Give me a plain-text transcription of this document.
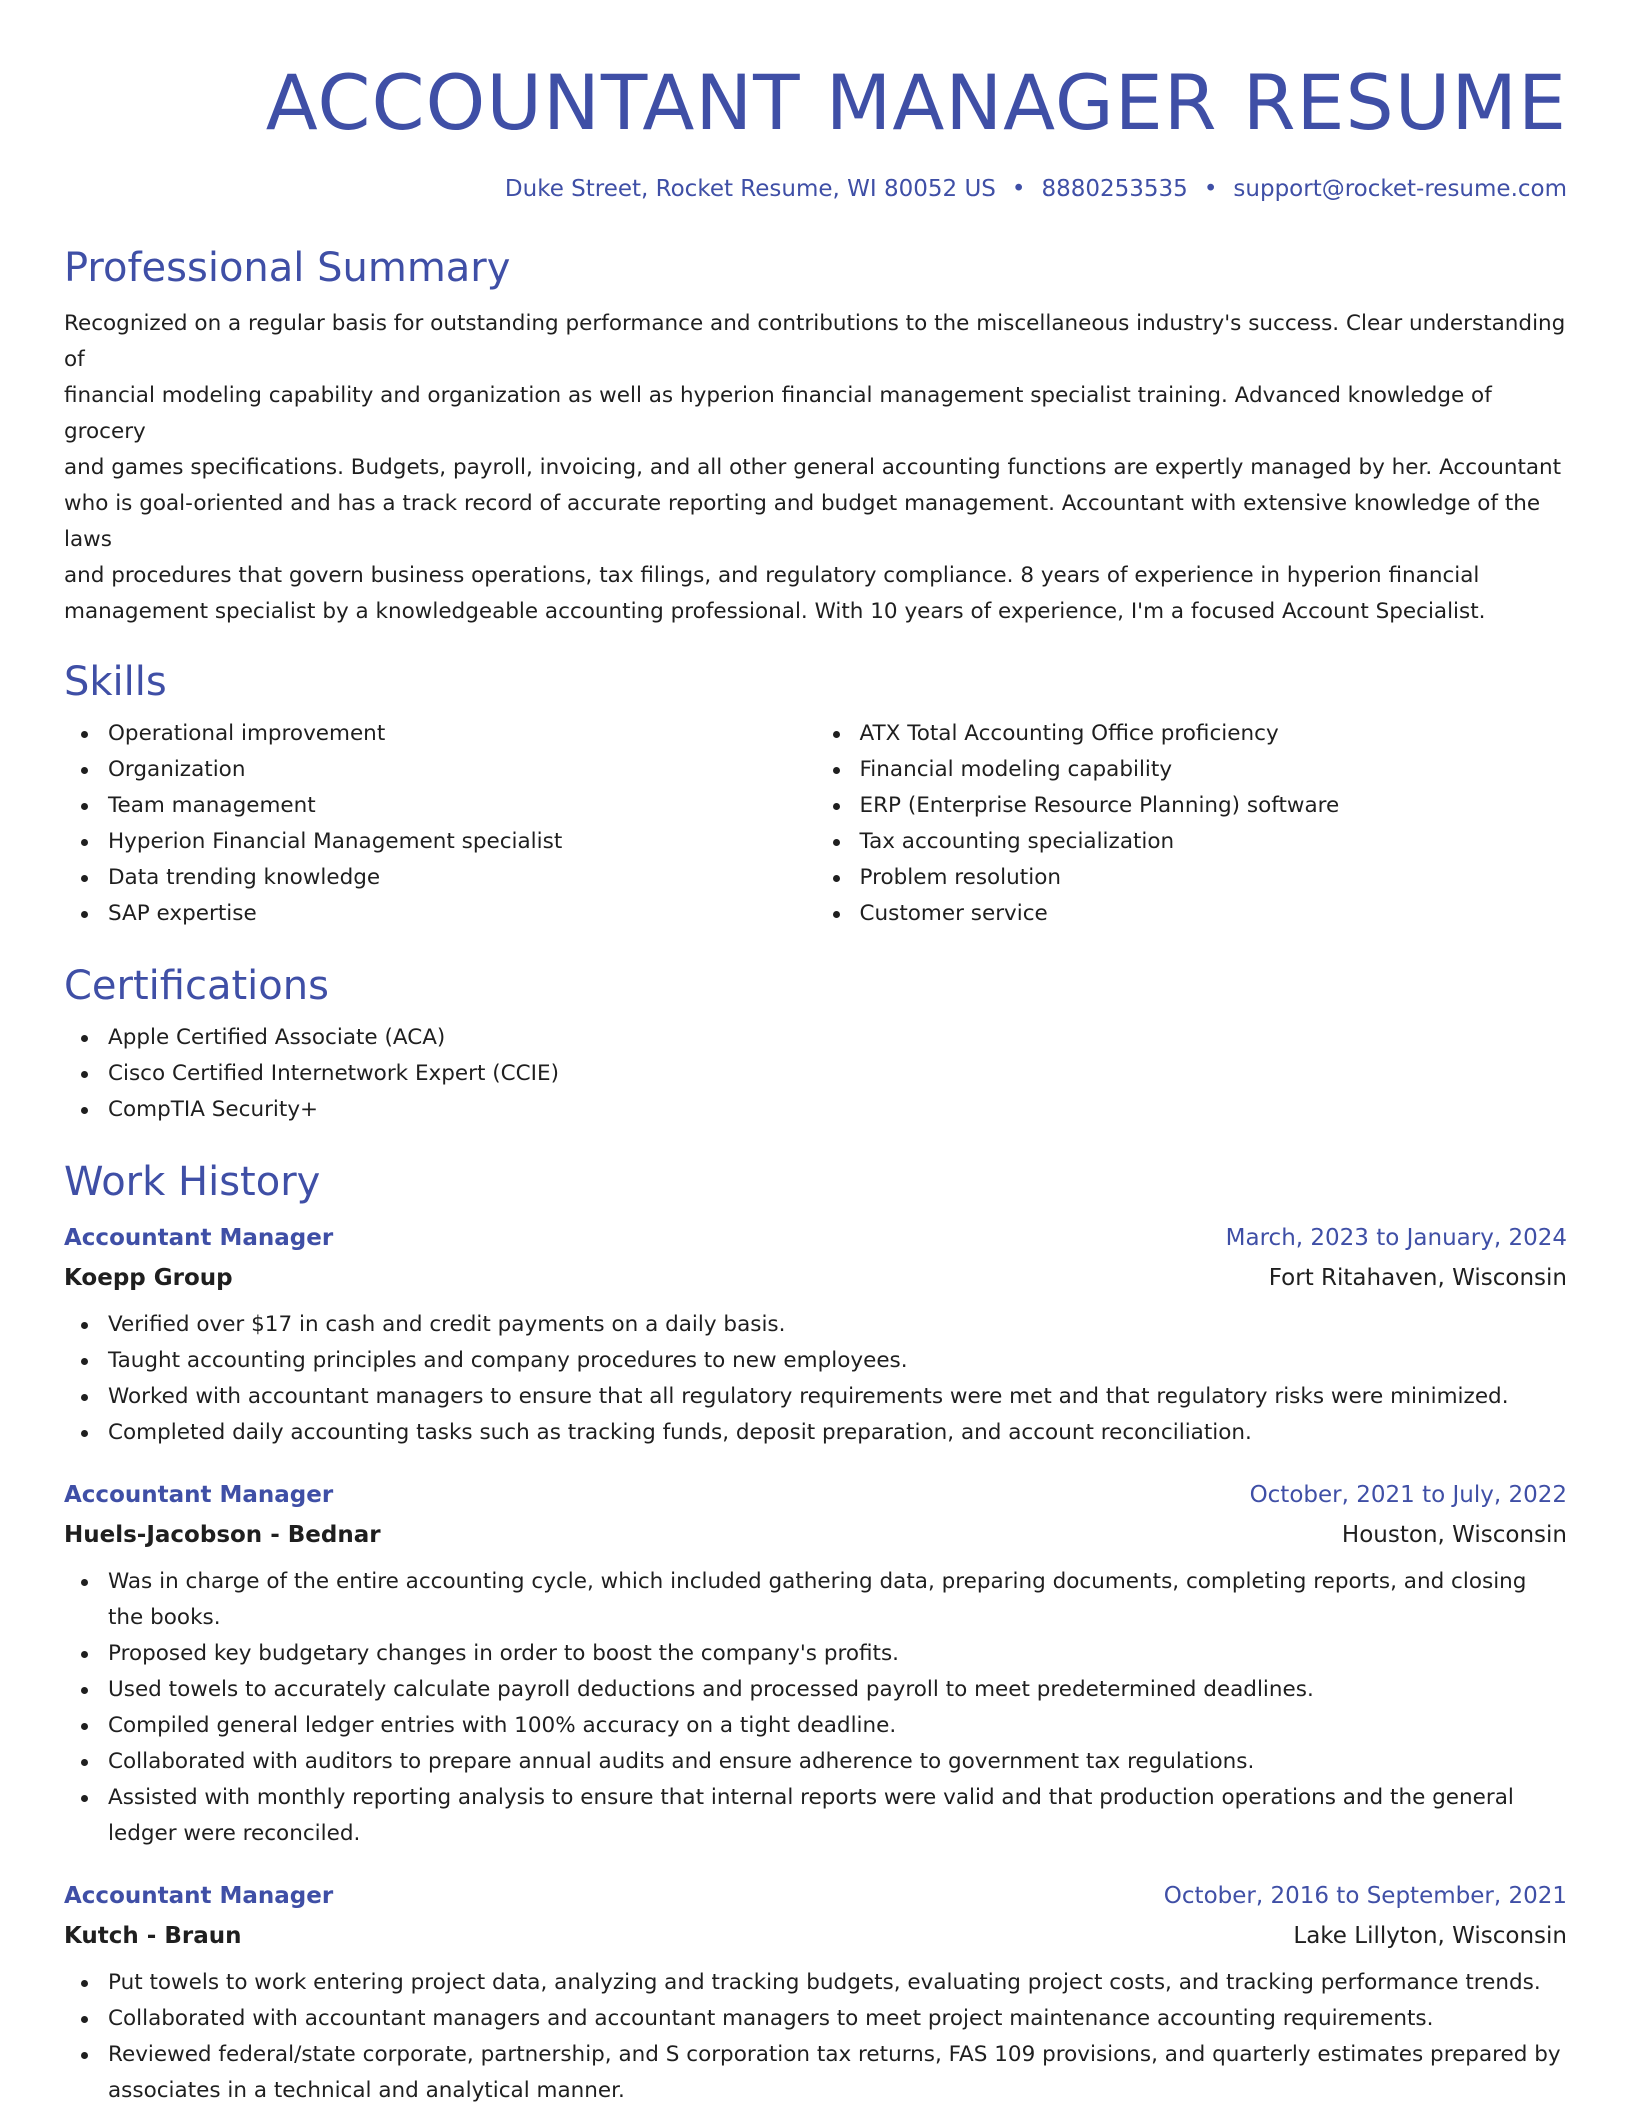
ACCOUNTANT MANAGER RESUME
Duke Street, Rocket Resume, WI 80052 US • 8880253535 • support@rocket-resume.com
Professional Summary
Recognized on a regular basis for outstanding performance and contributions to the miscellaneous industry's success. Clear understanding of
financial modeling capability and organization as well as hyperion financial management specialist training. Advanced knowledge of grocery
and games specifications. Budgets, payroll, invoicing, and all other general accounting functions are expertly managed by her. Accountant
who is goal-oriented and has a track record of accurate reporting and budget management. Accountant with extensive knowledge of the laws
and procedures that govern business operations, tax filings, and regulatory compliance. 8 years of experience in hyperion financial
management specialist by a knowledgeable accounting professional. With 10 years of experience, I'm a focused Account Specialist.
Skills
Operational improvement
Organization
Team management
Hyperion Financial Management specialist
Data trending knowledge
SAP expertise
ATX Total Accounting Office proficiency
Financial modeling capability
ERP (Enterprise Resource Planning) software
Tax accounting specialization
Problem resolution
Customer service
Certifications
Apple Certified Associate (ACA)
Cisco Certified Internetwork Expert (CCIE)
CompTIA Security+
Work History
Accountant Manager	March, 2023 to January, 2024
Koepp Group	Fort Ritahaven, Wisconsin
Verified over $17 in cash and credit payments on a daily basis.
Taught accounting principles and company procedures to new employees.
Worked with accountant managers to ensure that all regulatory requirements were met and that regulatory risks were minimized.
Completed daily accounting tasks such as tracking funds, deposit preparation, and account reconciliation.
Accountant Manager	October, 2021 to July, 2022
Huels-Jacobson - Bednar	Houston, Wisconsin
Was in charge of the entire accounting cycle, which included gathering data, preparing documents, completing reports, and closing the books.
Proposed key budgetary changes in order to boost the company's profits.
Used towels to accurately calculate payroll deductions and processed payroll to meet predetermined deadlines.
Compiled general ledger entries with 100% accuracy on a tight deadline.
Collaborated with auditors to prepare annual audits and ensure adherence to government tax regulations.
Assisted with monthly reporting analysis to ensure that internal reports were valid and that production operations and the general ledger were reconciled.
Accountant Manager	October, 2016 to September, 2021
Kutch - Braun	Lake Lillyton, Wisconsin
Put towels to work entering project data, analyzing and tracking budgets, evaluating project costs, and tracking performance trends.
Collaborated with accountant managers and accountant managers to meet project maintenance accounting requirements.
Reviewed federal/state corporate, partnership, and S corporation tax returns, FAS 109 provisions, and quarterly estimates prepared by associates in a technical and analytical manner.
